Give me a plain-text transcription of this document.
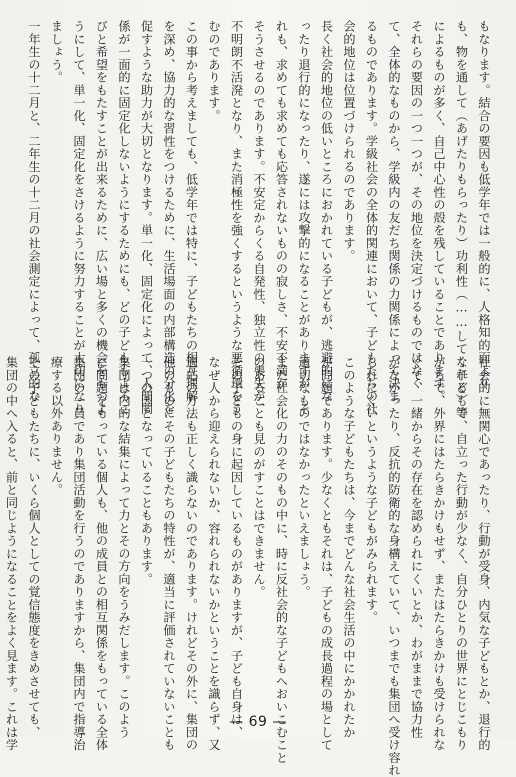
もなります。結合の要因も低学年では一般的に、人格知的面より
も、物を通して（あげたりもらったり）功利性（……してくれる）等
によるものが多く、自己中心性の殻を残していることであります。
それらの要因の一つ一つが、その地位を決定づけるものではなく
て、全体的なものから、学級内の友だち関係の力関係によって決ま
るものであります。学級社会の全体的関連において、子どもたちの社
会的地位は位置づけられるのであります。
長く社会的地位の低いところにおかれている子どもが、逃避的にな
ったり退行的になったり、遂には攻撃的になることがありますが、そ
れも、求めても求めても応答されないものの寂しさ、不安不満が
そうさせるのであります。不安定からくる自発性、独立性の喪失が、
不明朗不活溌となり、また消極性を強くするというような悪循環をう
むのであります。
この事から考えましても、低学年では特に、子どもたちの相互理解
を深め、協力的な習性をつけるために、生活場面の内部構造の分化を
促すような助力が大切となります。単一化、固定化によって、人間関
係が一面的に固定化しないようにするためにも、どの子どももよろこ
びと希望をもたすことが出来るために、広い場と多くの機会をもつよ
うにして、単一化、固定化をさけるように努力することが大切になり
ましょう。
一年生の十二月と、二年生の十二月の社会測定によって、孤立的な
社会的に無関心であったり、行動が受身、内気な子どもとか、退行的
な子どもで、自立った行動が少なく、自分ひとりの世界にとじこもり
がちで、外界にはたらきかけもせず、またはたらきかけも受けられな
くて、一緒からその存在を認められにくいとか、わがままで協力性
がなかったり、反抗的防衛的な身構えていて、いつまでも集団へ受け容れ
られにくいというような子どもがみられます。
このような子どもたちは、今までどんな社会生活の中にかかれたか
が問題であります。少なくともそれは、子どもの成長過程の場として
適切なものではなかったといえましょう。
また社会化の力のそのもの中に、時に反社会的な子どもへおいこむこと
のあることも見のがすことはできません。
その子どもの身に起因しているものがありますが、子ども自身は、
なぜ人から迎えられないか、容れられないかということを識らず、又
適応の方法も正しく識らないのであります。けれどその外に、集団の
他のものにその子どもたちの特性が、適当に評価されていないことも
一つの因となっていることもあります。
集団は内的な結集によって力とその方向をうみだします。このよう
に問題をもっている個人も、他の成員との相互関係をもっている全体
集団の一員であり集団活動を行うのでありますから、集団内で指導治
療する以外ありません。
その子どもたちに、いくら個人としての覚信態度をきめさせても、
集団の中へ入ると、前と同じようになることをよく見ます。これは学	— 69 —
